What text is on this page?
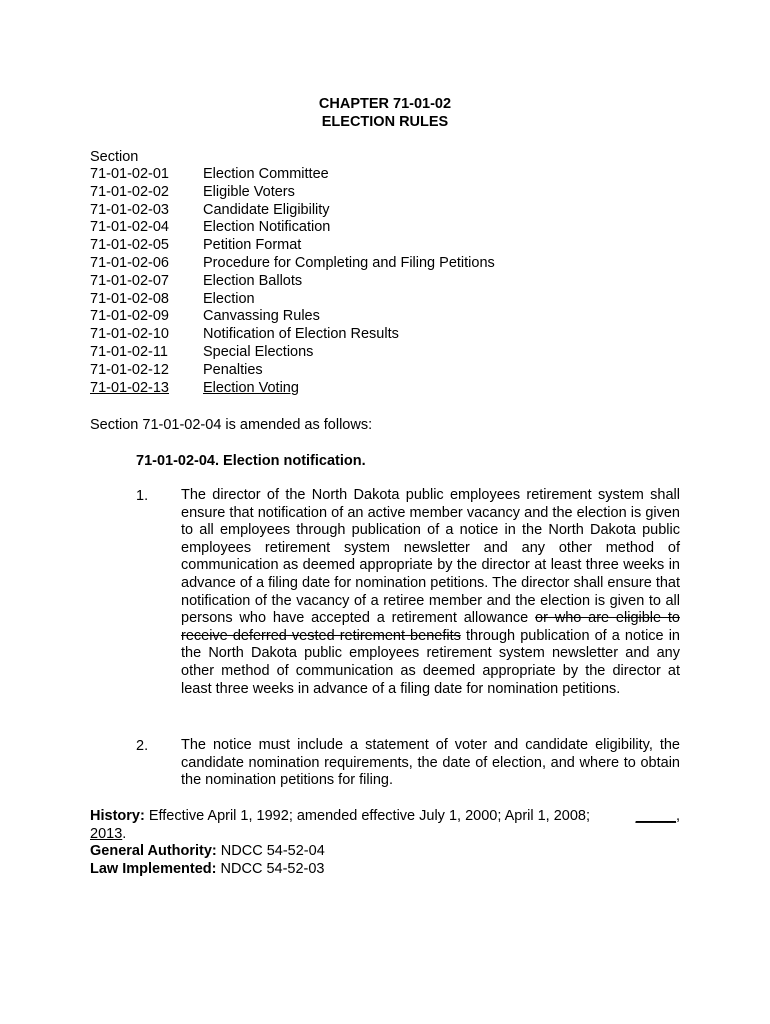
CHAPTER 71-01-02
ELECTION RULES
Section
71-01-02-01	Election Committee
71-01-02-02	Eligible Voters
71-01-02-03	Candidate Eligibility
71-01-02-04	Election Notification
71-01-02-05	Petition Format
71-01-02-06	Procedure for Completing and Filing Petitions
71-01-02-07	Election Ballots
71-01-02-08	Election
71-01-02-09	Canvassing Rules
71-01-02-10	Notification of Election Results
71-01-02-11	Special Elections
71-01-02-12	Penalties
71-01-02-13	Election Voting
Section 71-01-02-04 is amended as follows:
71-01-02-04. Election notification.
1.	The director of the North Dakota public employees retirement system shall ensure that notification of an active member vacancy and the election is given to all employees through publication of a notice in the North Dakota public employees retirement system newsletter and any other method of communication as deemed appropriate by the director at least three weeks in advance of a filing date for nomination petitions. The director shall ensure that notification of the vacancy of a retiree member and the election is given to all persons who have accepted a retirement allowance or who are eligible to receive deferred vested retirement benefits through publication of a notice in the North Dakota public employees retirement system newsletter and any other method of communication as deemed appropriate by the director at least three weeks in advance of a filing date for nomination petitions.
2.	The notice must include a statement of voter and candidate eligibility, the candidate nomination requirements, the date of election, and where to obtain the nomination petitions for filing.
History: Effective April 1, 1992; amended effective July 1, 2000; April 1, 2008;	_____,
2013.
General Authority: NDCC 54-52-04
Law Implemented: NDCC 54-52-03
